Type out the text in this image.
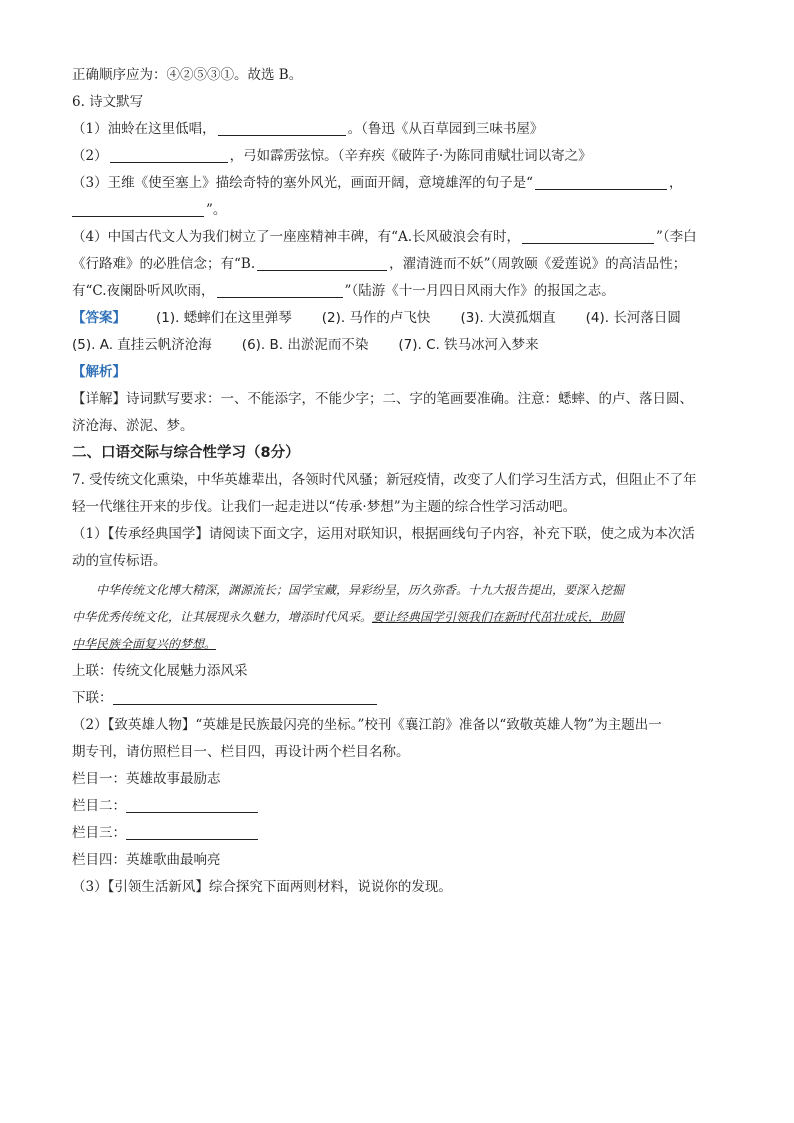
正确顺序应为：④②⑤③①。故选 B。
6. 诗文默写
（1）油蛉在这里低唱，	。（鲁迅《从百草园到三味书屋》
（2）	，弓如霹雳弦惊。（辛弃疾《破阵子·为陈同甫赋壮词以寄之》
（3）王维《使至塞上》描绘奇特的塞外风光，画面开阔，意境雄浑的句子是“	，
”。
（4）中国古代文人为我们树立了一座座精神丰碑，有“A.长风破浪会有时，	”（李白
《行路难》的必胜信念；有“B.	，濯清涟而不妖”（周敦颐《爱莲说》的高洁品性；
有“C.夜阑卧听风吹雨，	”（陆游《十一月四日风雨大作》的报国之志。
【答案】 (1). 蟋蟀们在这里弹琴 (2). 马作的卢飞快 (3). 大漠孤烟直 (4). 长河落日圆
(5). A. 直挂云帆济沧海 (6). B. 出淤泥而不染 (7). C. 铁马冰河入梦来
【解析】
【详解】诗词默写要求：一、不能添字，不能少字；二、字的笔画要准确。注意：蟋蟀、的卢、落日圆、
济沧海、淤泥、梦。
二、口语交际与综合性学习（8分）
7. 受传统文化熏染，中华英雄辈出，各领时代风骚；新冠疫情，改变了人们学习生活方式，但阻止不了年
轻一代继往开来的步伐。让我们一起走进以“传承·梦想”为主题的综合性学习活动吧。
（1）【传承经典国学】请阅读下面文字，运用对联知识，根据画线句子内容，补充下联，使之成为本次活
动的宣传标语。
中华传统文化博大精深，渊源流长；国学宝藏，异彩纷呈，历久弥香。十九大报告提出，要深入挖掘
中华优秀传统文化，让其展现永久魅力，增添时代风采。要让经典国学引领我们在新时代茁壮成长，助圆
中华民族全面复兴的梦想。
上联：传统文化展魅力添风采
下联：
（2）【致英雄人物】“英雄是民族最闪亮的坐标。”校刊《襄江韵》准备以“致敬英雄人物”为主题出一
期专刊，请仿照栏目一、栏目四，再设计两个栏目名称。
栏目一：英雄故事最励志
栏目二：
栏目三：
栏目四：英雄歌曲最响亮
（3）【引领生活新风】综合探究下面两则材料，说说你的发现。
